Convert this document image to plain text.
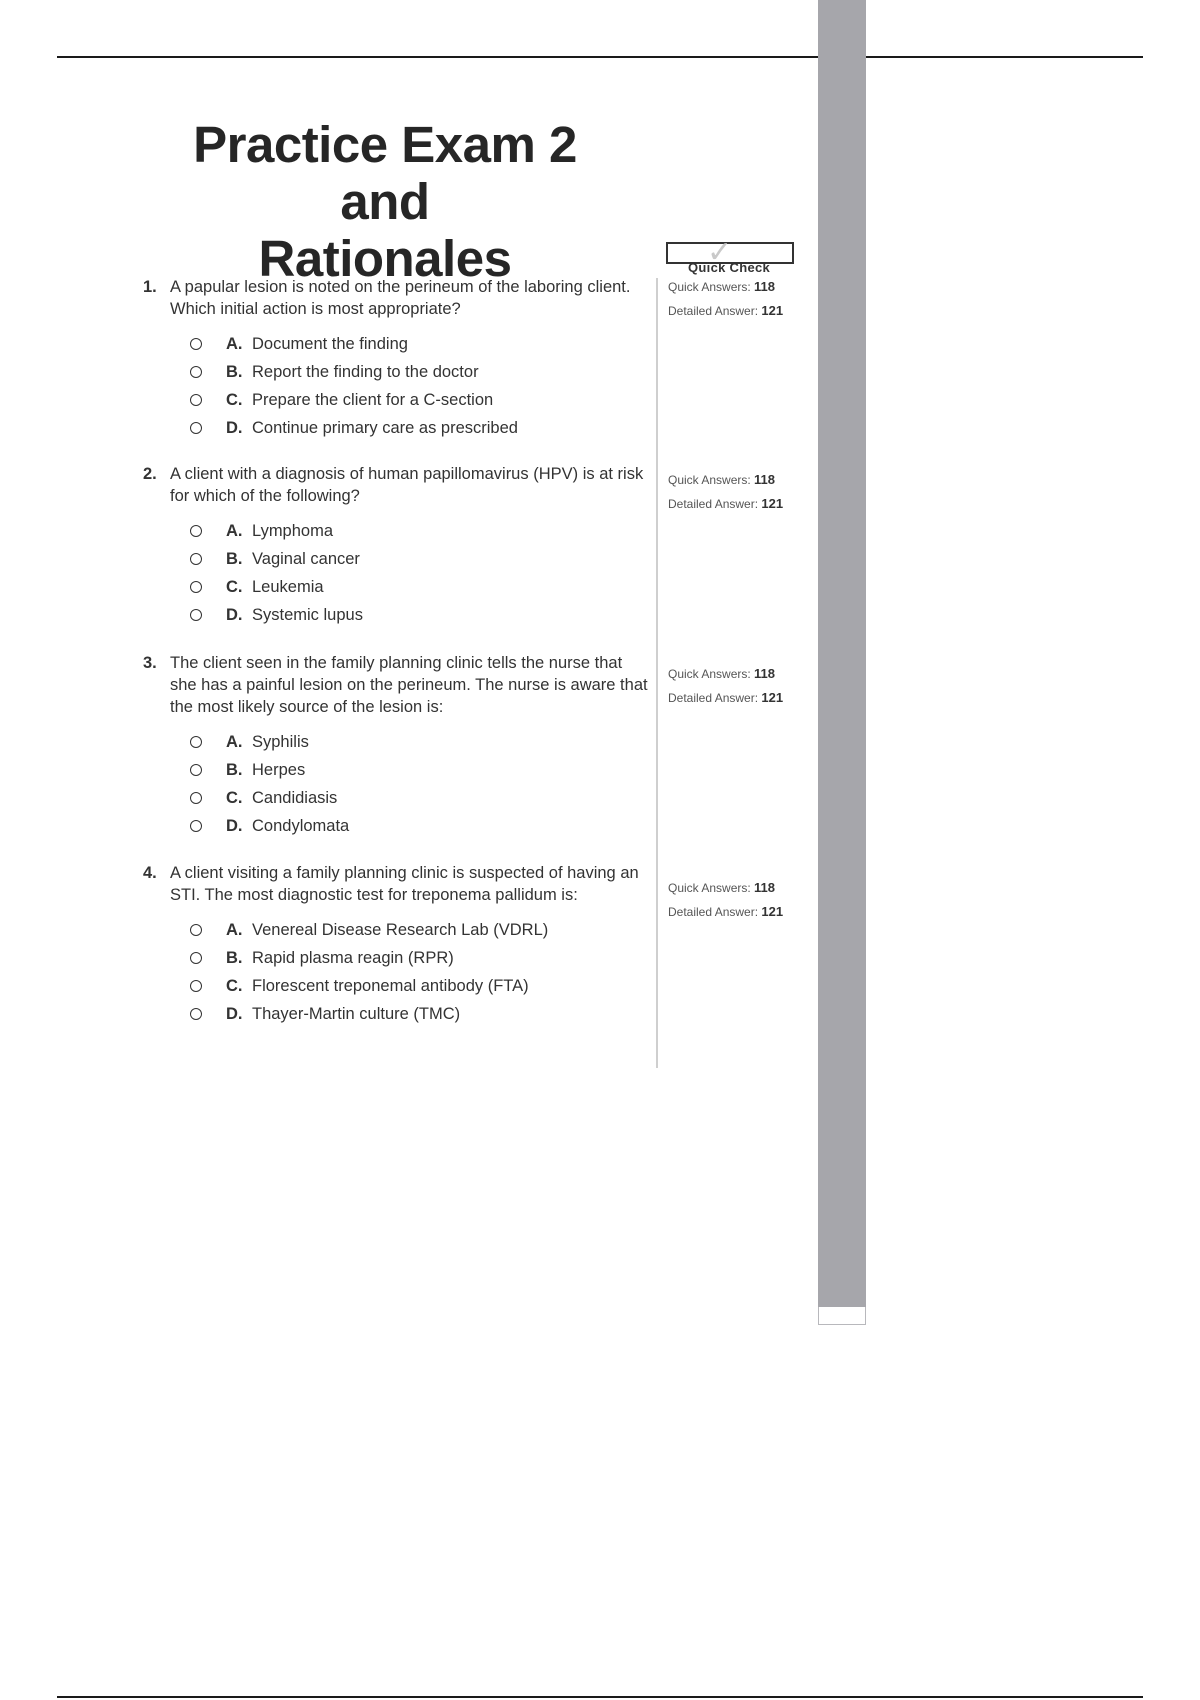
Practice Exam 2 and
Rationales	✓
Quick Check

1. A papular lesion is noted on the perineum of the laboring client. Which initial action is most appropriate?

A. Document the finding
B. Report the finding to the doctor
C. Prepare the client for a C-section
D. Continue primary care as prescribed
Quick Answers: 118
Detailed Answer: 121

2. A client with a diagnosis of human papillomavirus (HPV) is at risk for which of the following?

A. Lymphoma
B. Vaginal cancer
C. Leukemia
D. Systemic lupus
Quick Answers: 118
Detailed Answer: 121

3. The client seen in the family planning clinic tells the nurse that she has a painful lesion on the perineum. The nurse is aware that the most likely source of the lesion is:

A. Syphilis
B. Herpes
C. Candidiasis
D. Condylomata
Quick Answers: 118
Detailed Answer: 121

4. A client visiting a family planning clinic is suspected of having an STI. The most diagnostic test for treponema pallidum is:

A. Venereal Disease Research Lab (VDRL)
B. Rapid plasma reagin (RPR)
C. Florescent treponemal antibody (FTA)
D. Thayer-Martin culture (TMC)
Quick Answers: 118
Detailed Answer: 121
